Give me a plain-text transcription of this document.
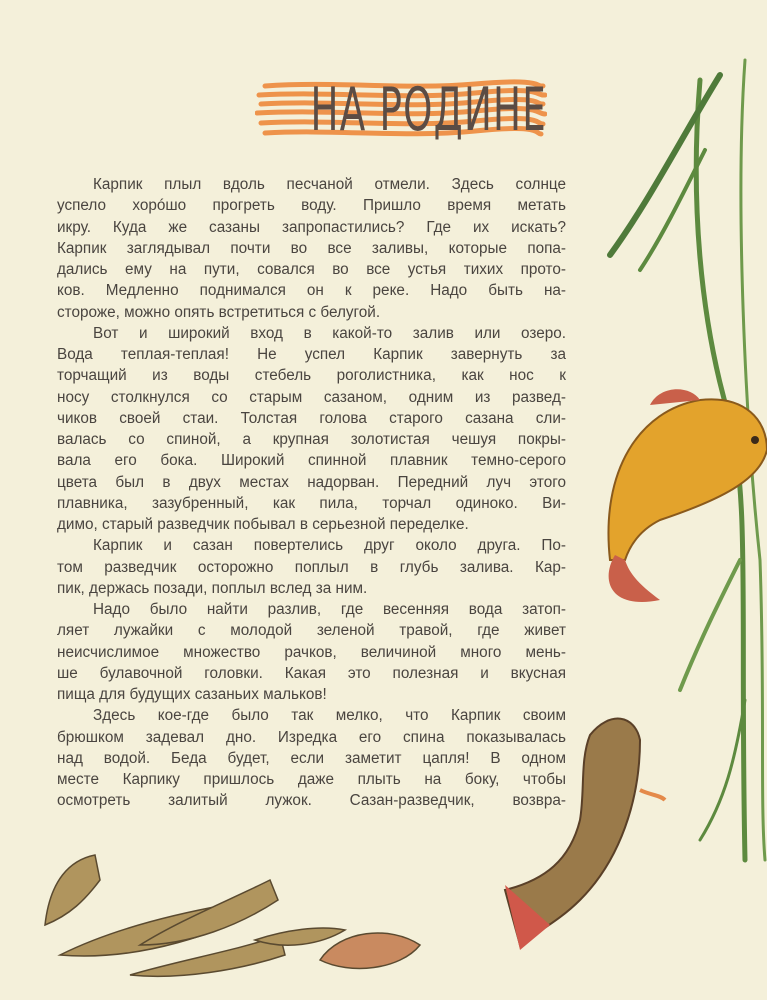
НА РОДИНЕ
Карпик плыл вдоль песчаной отмели. Здесь солнце
успело хорóшо прогреть воду. Пришло время метать
икру. Куда же сазаны запропастились? Где их искать?
Карпик заглядывал почти во все заливы, которые попа-
дались ему на пути, совался во все устья тихих прото-
ков. Медленно поднимался он к реке. Надо быть на-
стороже, можно опять встретиться с белугой.
Вот и широкий вход в какой-то залив или озеро.
Вода теплая-теплая! Не успел Карпик завернуть за
торчащий из воды стебель роголистника, как нос к
носу столкнулся со старым сазаном, одним из развед-
чиков своей стаи. Толстая голова старого сазана сли-
валась со спиной, а крупная золотистая чешуя покры-
вала его бока. Широкий спинной плавник темно-серого
цвета был в двух местах надорван. Передний луч этого
плавника, зазубренный, как пила, торчал одиноко. Ви-
димо, старый разведчик побывал в серьезной переделке.
Карпик и сазан повертелись друг около друга. По-
том разведчик осторожно поплыл в глубь залива. Кар-
пик, держась позади, поплыл вслед за ним.
Надо было найти разлив, где весенняя вода затоп-
ляет лужайки с молодой зеленой травой, где живет
неисчислимое множество рачков, величиной много мень-
ше булавочной головки. Какая это полезная и вкусная
пища для будущих сазаньих мальков!
Здесь кое-где было так мелко, что Карпик своим
брюшком задевал дно. Изредка его спина показывалась
над водой. Беда будет, если заметит цапля! В одном
месте Карпику пришлось даже плыть на боку, чтобы
осмотреть залитый лужок. Сазан-разведчик, возвра-
